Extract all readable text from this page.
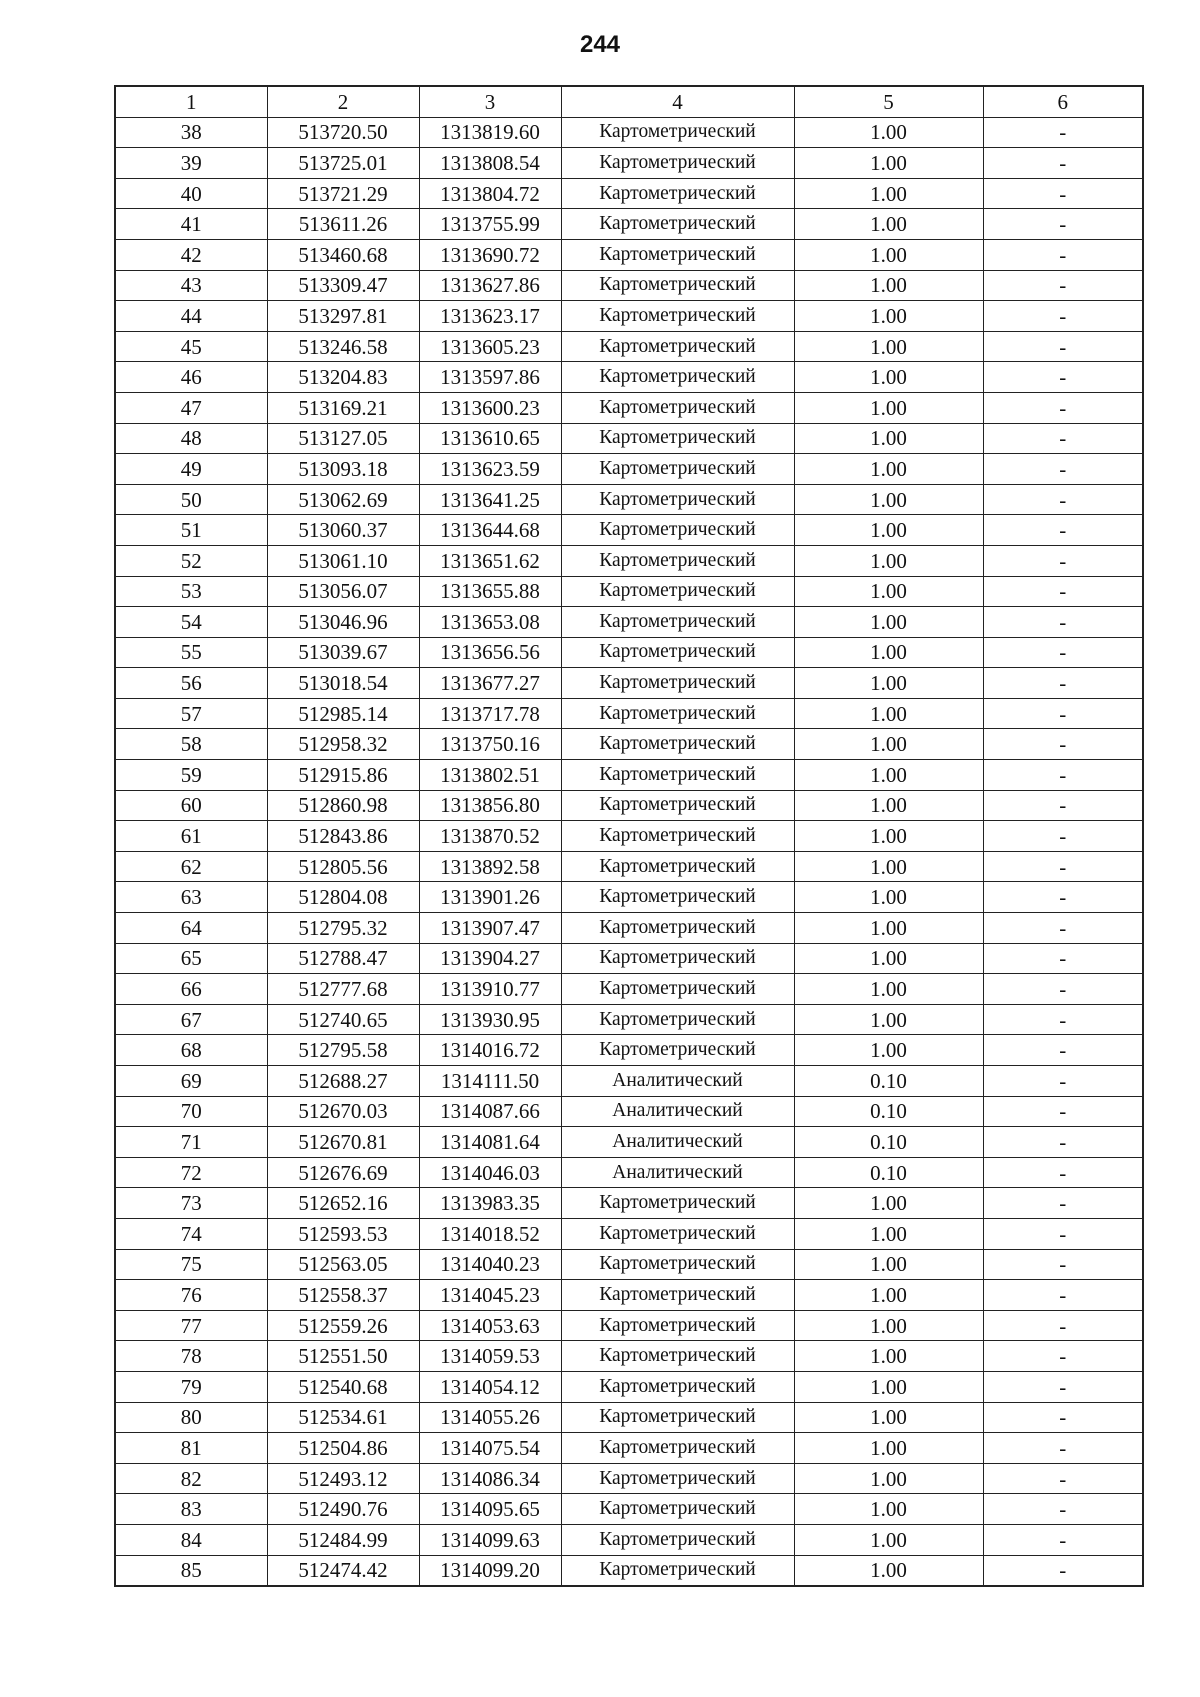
244
1	2	3	4	5	6
38	513720.50	1313819.60	Картометрический	1.00	-
39	513725.01	1313808.54	Картометрический	1.00	-
40	513721.29	1313804.72	Картометрический	1.00	-
41	513611.26	1313755.99	Картометрический	1.00	-
42	513460.68	1313690.72	Картометрический	1.00	-
43	513309.47	1313627.86	Картометрический	1.00	-
44	513297.81	1313623.17	Картометрический	1.00	-
45	513246.58	1313605.23	Картометрический	1.00	-
46	513204.83	1313597.86	Картометрический	1.00	-
47	513169.21	1313600.23	Картометрический	1.00	-
48	513127.05	1313610.65	Картометрический	1.00	-
49	513093.18	1313623.59	Картометрический	1.00	-
50	513062.69	1313641.25	Картометрический	1.00	-
51	513060.37	1313644.68	Картометрический	1.00	-
52	513061.10	1313651.62	Картометрический	1.00	-
53	513056.07	1313655.88	Картометрический	1.00	-
54	513046.96	1313653.08	Картометрический	1.00	-
55	513039.67	1313656.56	Картометрический	1.00	-
56	513018.54	1313677.27	Картометрический	1.00	-
57	512985.14	1313717.78	Картометрический	1.00	-
58	512958.32	1313750.16	Картометрический	1.00	-
59	512915.86	1313802.51	Картометрический	1.00	-
60	512860.98	1313856.80	Картометрический	1.00	-
61	512843.86	1313870.52	Картометрический	1.00	-
62	512805.56	1313892.58	Картометрический	1.00	-
63	512804.08	1313901.26	Картометрический	1.00	-
64	512795.32	1313907.47	Картометрический	1.00	-
65	512788.47	1313904.27	Картометрический	1.00	-
66	512777.68	1313910.77	Картометрический	1.00	-
67	512740.65	1313930.95	Картометрический	1.00	-
68	512795.58	1314016.72	Картометрический	1.00	-
69	512688.27	1314111.50	Аналитический	0.10	-
70	512670.03	1314087.66	Аналитический	0.10	-
71	512670.81	1314081.64	Аналитический	0.10	-
72	512676.69	1314046.03	Аналитический	0.10	-
73	512652.16	1313983.35	Картометрический	1.00	-
74	512593.53	1314018.52	Картометрический	1.00	-
75	512563.05	1314040.23	Картометрический	1.00	-
76	512558.37	1314045.23	Картометрический	1.00	-
77	512559.26	1314053.63	Картометрический	1.00	-
78	512551.50	1314059.53	Картометрический	1.00	-
79	512540.68	1314054.12	Картометрический	1.00	-
80	512534.61	1314055.26	Картометрический	1.00	-
81	512504.86	1314075.54	Картометрический	1.00	-
82	512493.12	1314086.34	Картометрический	1.00	-
83	512490.76	1314095.65	Картометрический	1.00	-
84	512484.99	1314099.63	Картометрический	1.00	-
85	512474.42	1314099.20	Картометрический	1.00	-
